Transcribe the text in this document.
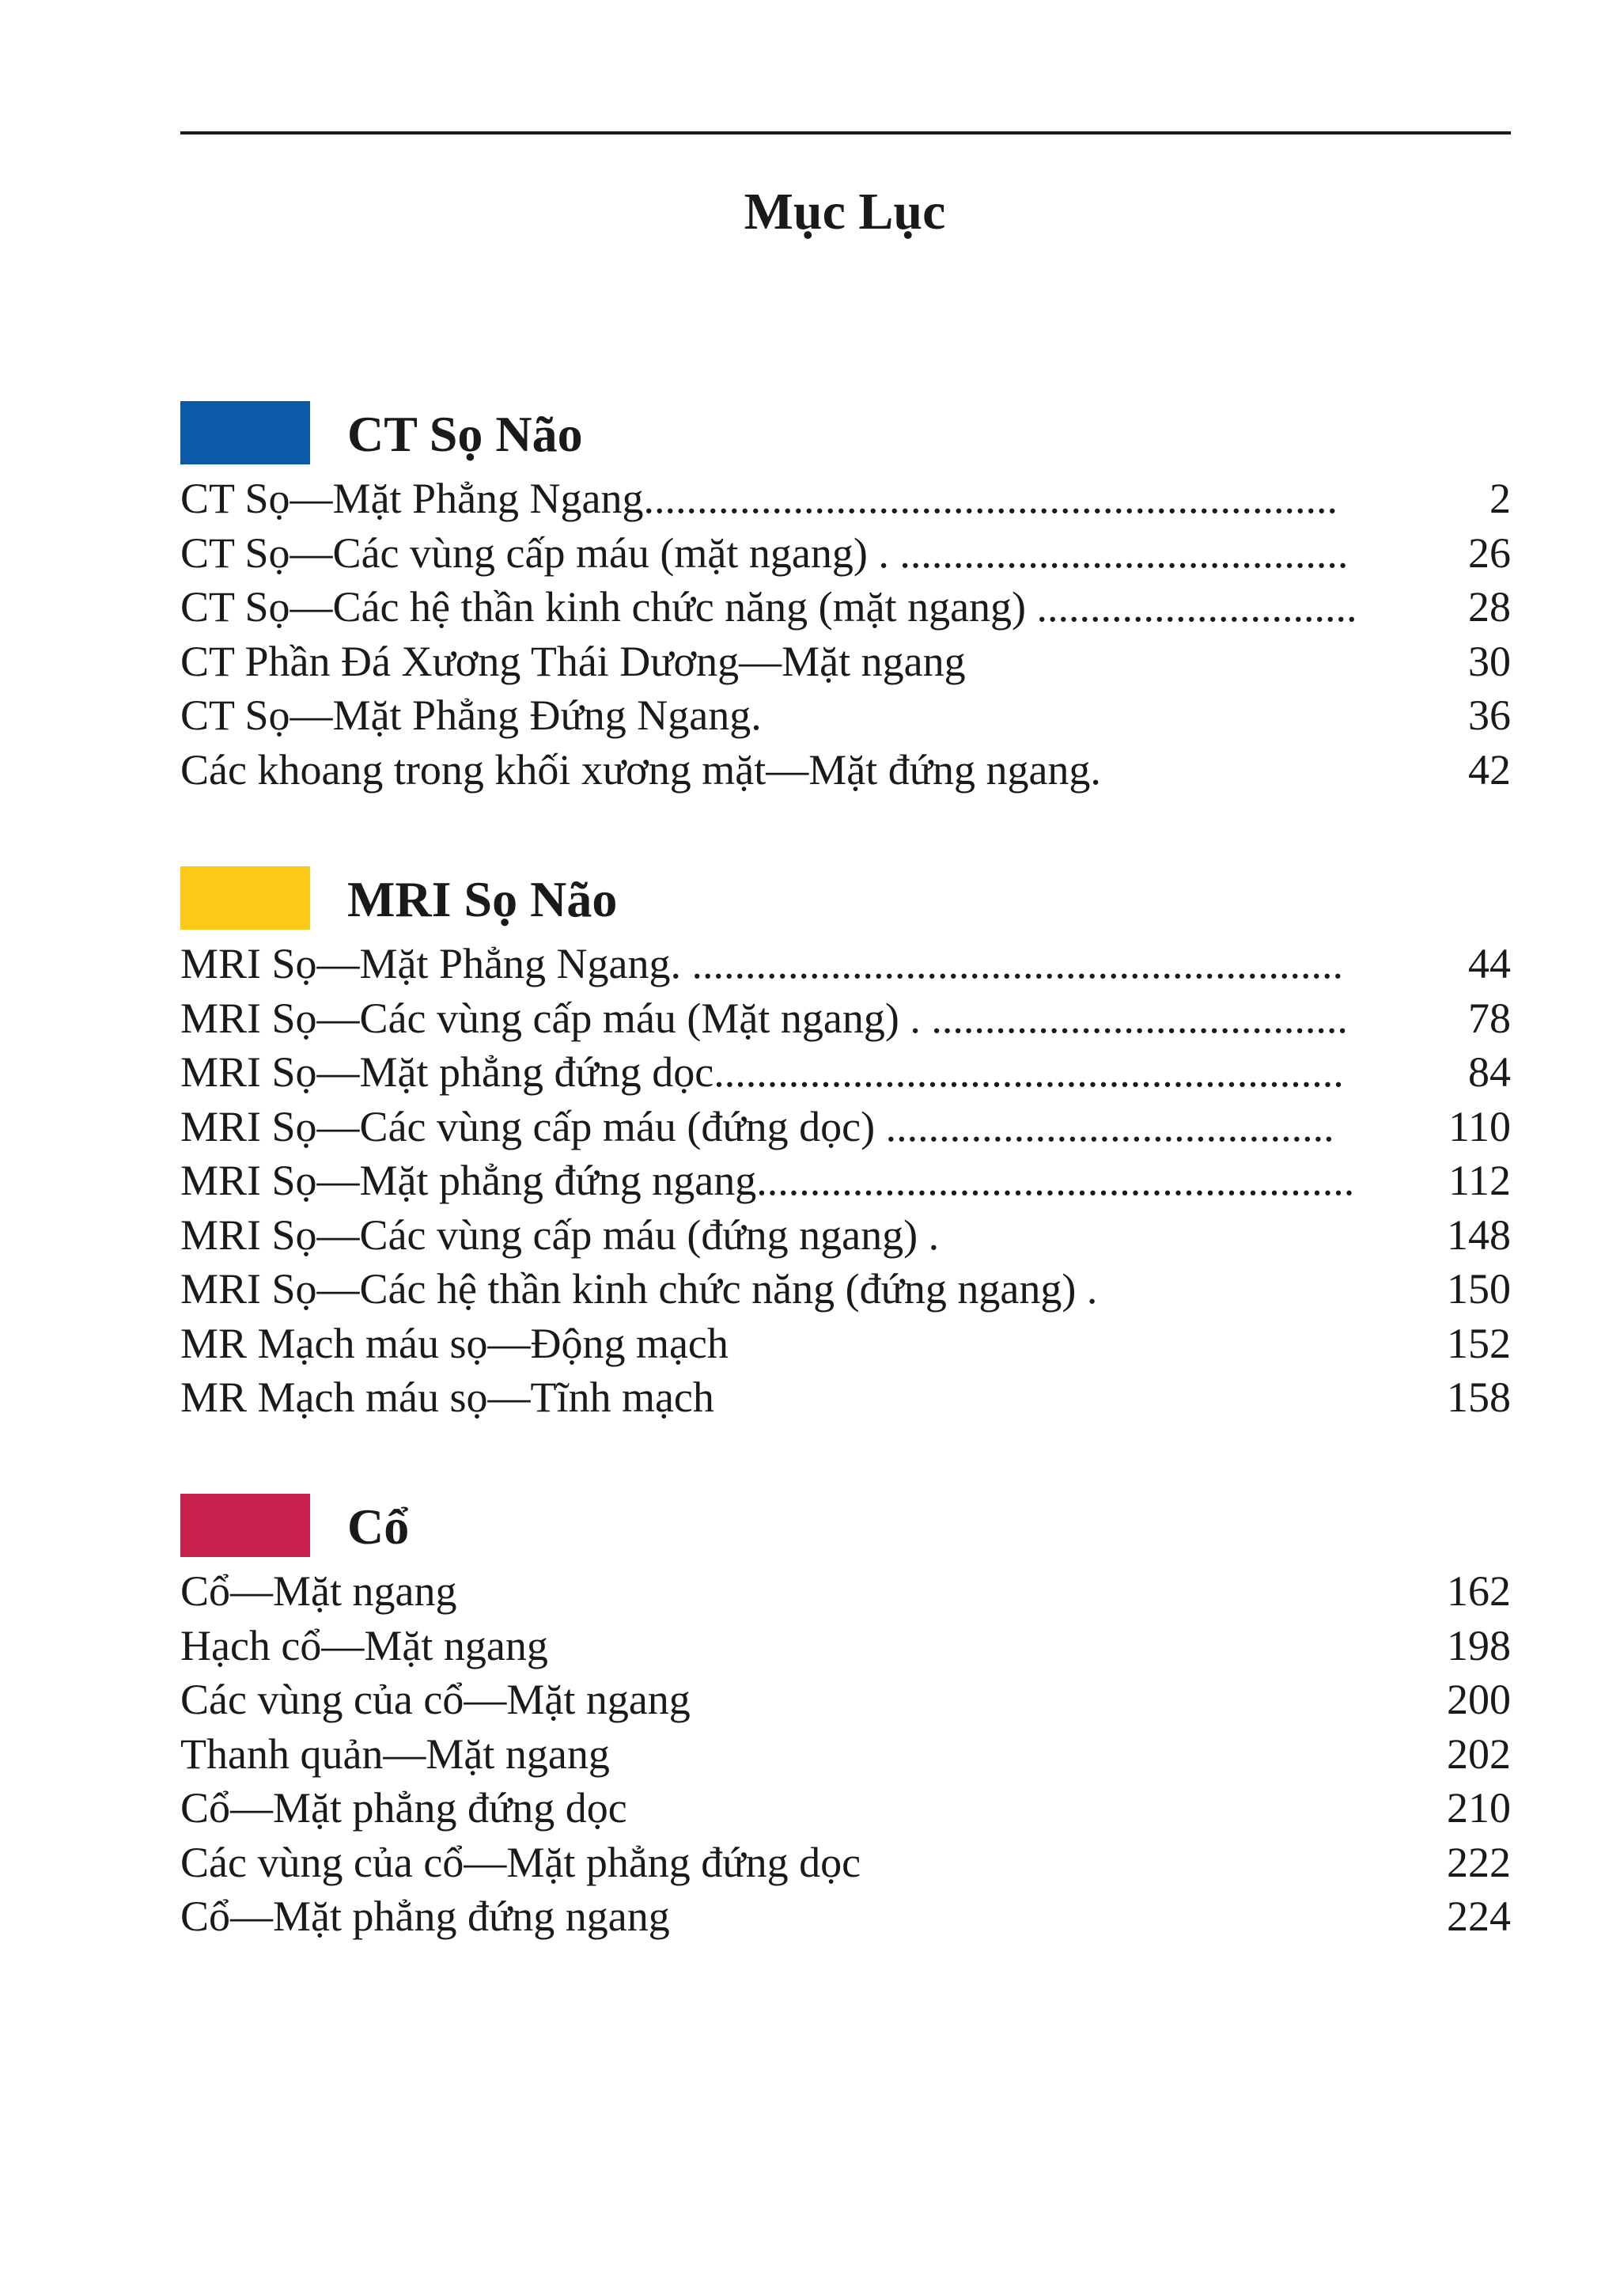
Mục Lục
CT Sọ Não
CT Sọ—Mặt Phẳng Ngang.................................................................	2
CT Sọ—Các vùng cấp máu (mặt ngang) . ..........................................	26
CT Sọ—Các hệ thần kinh chức năng (mặt ngang) ..............................	28
CT Phần Đá Xương Thái Dương—Mặt ngang	30
CT Sọ—Mặt Phẳng Đứng Ngang.	36
Các khoang trong khối xương mặt—Mặt đứng ngang.	42
MRI Sọ Não
MRI Sọ—Mặt Phẳng Ngang. .............................................................	44
MRI Sọ—Các vùng cấp máu (Mặt ngang) . .......................................	78
MRI Sọ—Mặt phẳng đứng dọc...........................................................	84
MRI Sọ—Các vùng cấp máu (đứng dọc) ..........................................	110
MRI Sọ—Mặt phẳng đứng ngang........................................................ 112
MRI Sọ—Các vùng cấp máu (đứng ngang) .	148
MRI Sọ—Các hệ thần kinh chức năng (đứng ngang) .	150
MR Mạch máu sọ—Động mạch	152
MR Mạch máu sọ—Tĩnh mạch	158
Cổ
Cổ—Mặt ngang	162
Hạch cổ—Mặt ngang	198
Các vùng của cổ—Mặt ngang	200
Thanh quản—Mặt ngang	202
Cổ—Mặt phẳng đứng dọc	210
Các vùng của cổ—Mặt phẳng đứng dọc	222
Cổ—Mặt phẳng đứng ngang	224
